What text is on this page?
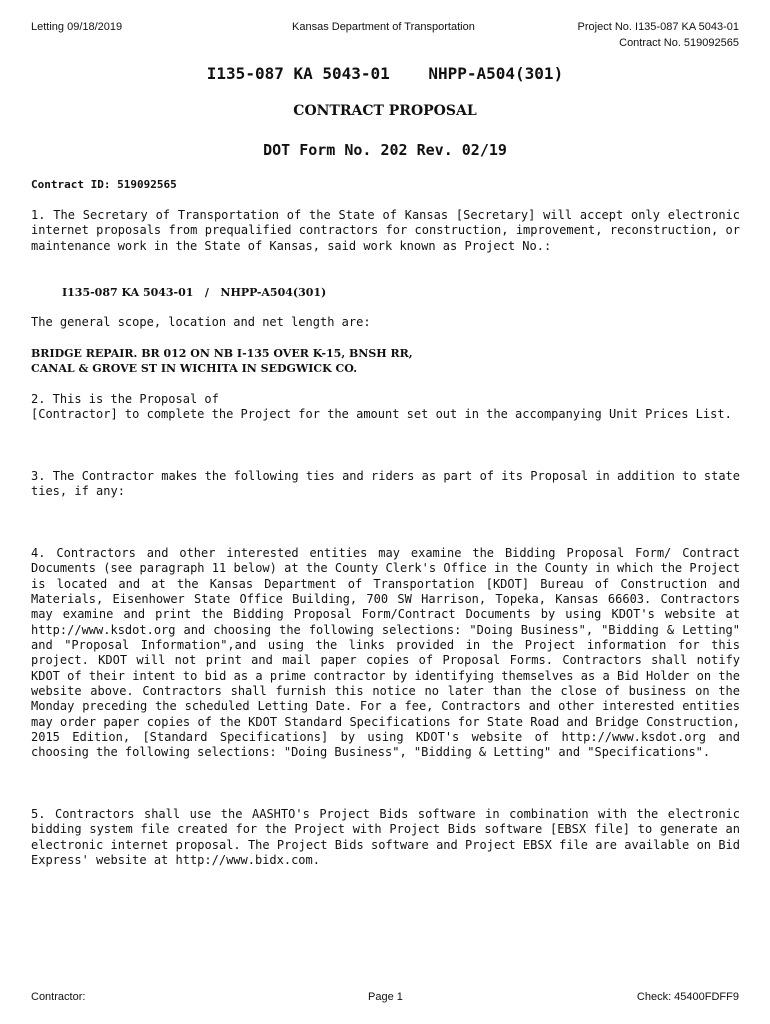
Letting 09/18/2019	Kansas Department of Transportation	Project No. I135-087 KA 5043-01
Contract No. 519092565
I135-087 KA 5043-01    NHPP-A504(301)
CONTRACT PROPOSAL
DOT Form No. 202 Rev. 02/19
Contract ID: 519092565

1. The Secretary of Transportation of the State of Kansas [Secretary] will accept only electronic internet proposals from prequalified contractors for construction, improvement, reconstruction, or maintenance work in the State of Kansas, said work known as Project No.:

I135-087 KA 5043-01   /   NHPP-A504(301)
The general scope, location and net length are:
BRIDGE REPAIR. BR 012 ON NB I-135 OVER K-15, BNSH RR,
CANAL & GROVE ST IN WICHITA IN SEDGWICK CO.
2. This is the Proposal of

[Contractor] to complete the Project for the amount set out in the accompanying Unit Prices List.

3. The Contractor makes the following ties and riders as part of its Proposal in addition to state ties, if any:

4. Contractors and other interested entities may examine the Bidding Proposal Form/ Contract Documents (see paragraph 11 below) at the County Clerk's Office in the County in which the Project is located and at the Kansas Department of Transportation [KDOT] Bureau of Construction and Materials, Eisenhower State Office Building, 700 SW Harrison, Topeka, Kansas 66603. Contractors may examine and print the Bidding Proposal Form/Contract Documents by using KDOT's website at http://www.ksdot.org and choosing the following selections: "Doing Business", "Bidding & Letting" and "Proposal Information",and using the links provided in the Project information for this project. KDOT will not print and mail paper copies of Proposal Forms. Contractors shall notify KDOT of their intent to bid as a prime contractor by identifying themselves as a Bid Holder on the website above. Contractors shall furnish this notice no later than the close of business on the Monday preceding the scheduled Letting Date. For a fee, Contractors and other interested entities may order paper copies of the KDOT Standard Specifications for State Road and Bridge Construction, 2015 Edition, [Standard Specifications] by using KDOT's website of http://www.ksdot.org and choosing the following selections: "Doing Business", "Bidding & Letting" and "Specifications".

5. Contractors shall use the AASHTO's Project Bids software in combination with the electronic bidding system file created for the Project with Project Bids software [EBSX file] to generate an electronic internet proposal. The Project Bids software and Project EBSX file are available on Bid Express' website at http://www.bidx.com.

Contractor:	Page 1	Check: 45400FDFF9
